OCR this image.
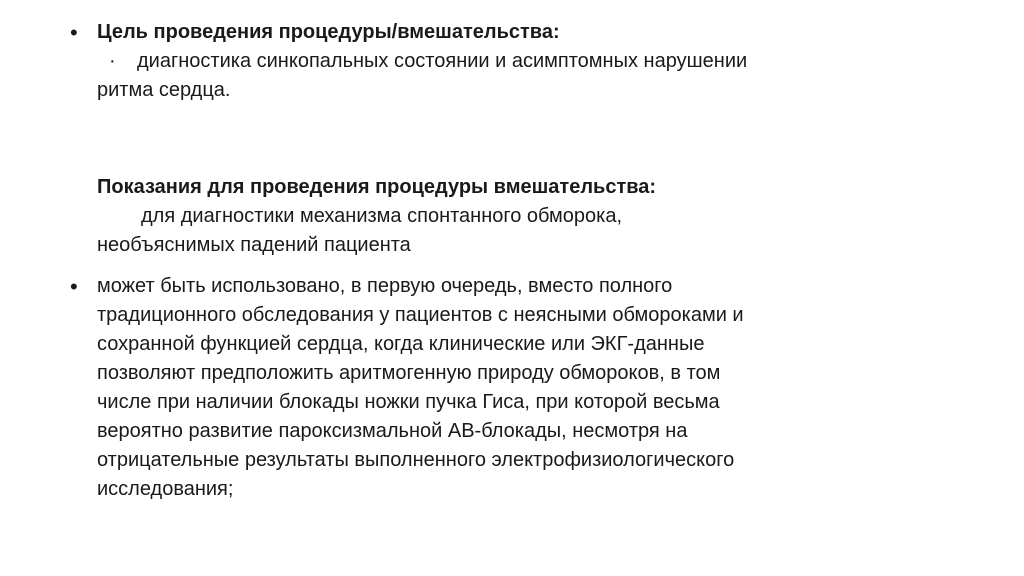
• Цель проведения процедуры/вмешательства:
· диагностика синкопальных состоянии и асимптомных нарушении
ритма сердца.
Показания для проведения процедуры вмешательства:
для диагностики механизма спонтанного обморока,
необъяснимых падений пациента
• может быть использовано, в первую очередь, вместо полного
традиционного обследования у пациентов с неясными обмороками и
сохранной функцией сердца, когда клинические или ЭКГ-данные
позволяют предположить аритмогенную природу обмороков, в том
числе при наличии блокады ножки пучка Гиса, при которой весьма
вероятно развитие пароксизмальной АВ-блокады, несмотря на
отрицательные результаты выполненного электрофизиологического
исследования;
